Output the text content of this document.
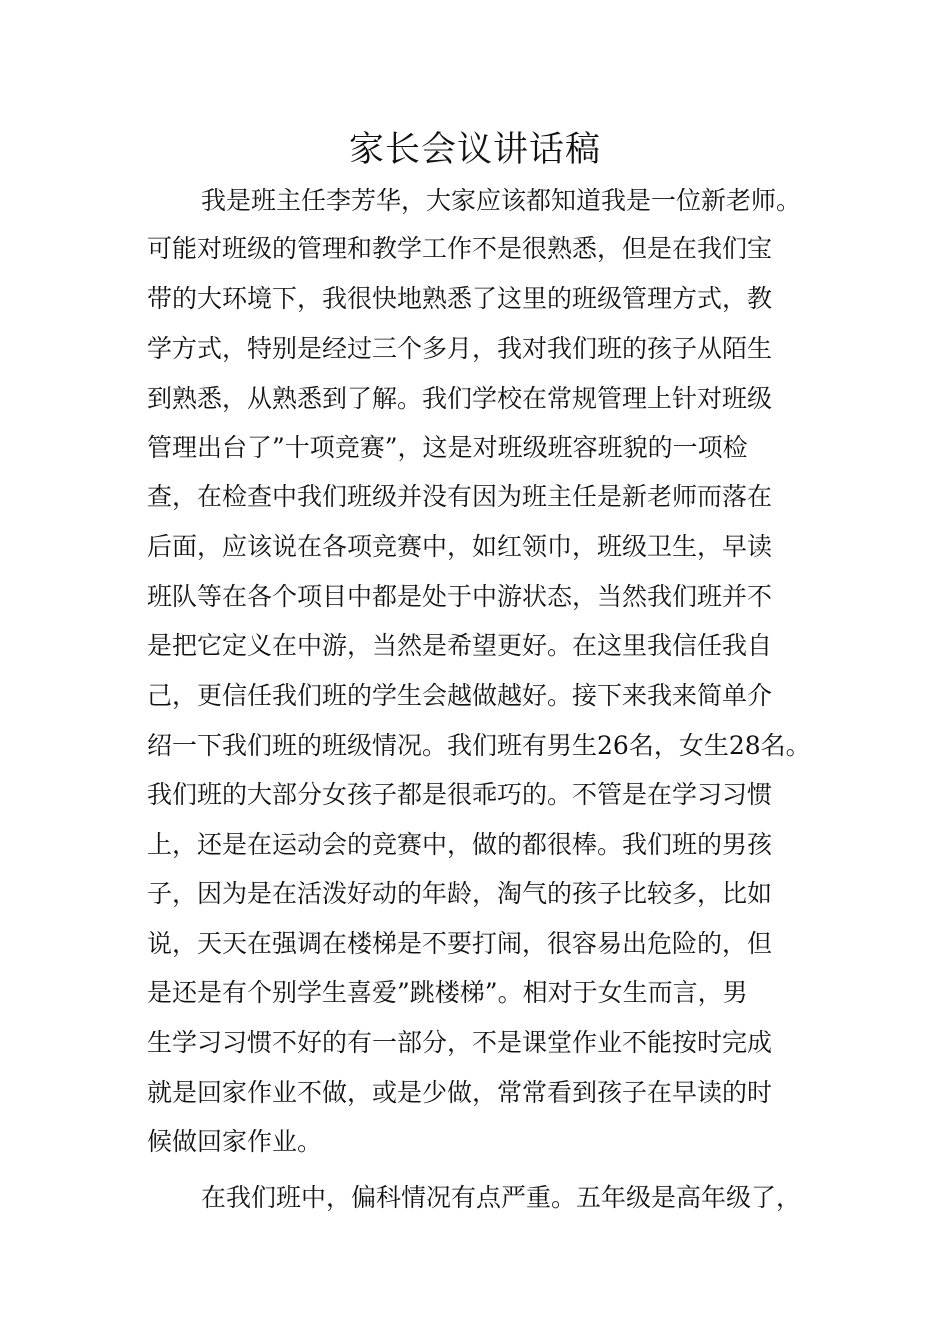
家长会议讲话稿
我是班主任李芳华，大家应该都知道我是一位新老师。
可能对班级的管理和教学工作不是很熟悉，但是在我们宝
带的大环境下，我很快地熟悉了这里的班级管理方式，教
学方式，特别是经过三个多月，我对我们班的孩子从陌生
到熟悉，从熟悉到了解。我们学校在常规管理上针对班级
管理出台了”十项竞赛”，这是对班级班容班貌的一项检
查，在检查中我们班级并没有因为班主任是新老师而落在
后面，应该说在各项竞赛中，如红领巾，班级卫生，早读
班队等在各个项目中都是处于中游状态，当然我们班并不
是把它定义在中游，当然是希望更好。在这里我信任我自
己，更信任我们班的学生会越做越好。接下来我来简单介
绍一下我们班的班级情况。我们班有男生26名，女生28名。
我们班的大部分女孩子都是很乖巧的。不管是在学习习惯
上，还是在运动会的竞赛中，做的都很棒。我们班的男孩
子，因为是在活泼好动的年龄，淘气的孩子比较多，比如
说，天天在强调在楼梯是不要打闹，很容易出危险的，但
是还是有个别学生喜爱”跳楼梯”。相对于女生而言，男
生学习习惯不好的有一部分，不是课堂作业不能按时完成
就是回家作业不做，或是少做，常常看到孩子在早读的时
候做回家作业。
在我们班中，偏科情况有点严重。五年级是高年级了，
